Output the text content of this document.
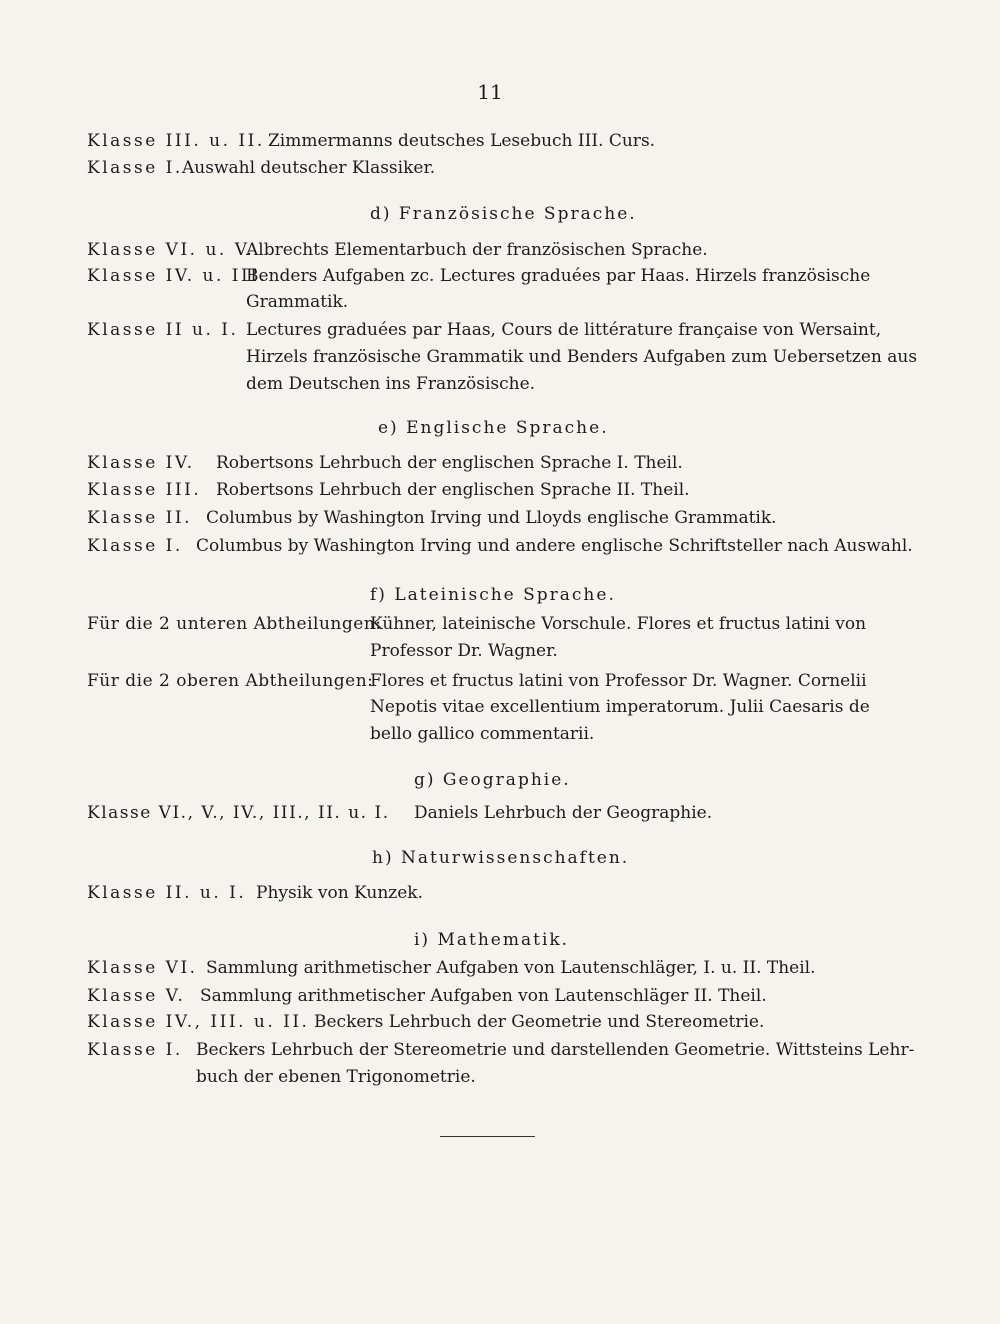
11
Klasse III. u. II. Zimmermanns deutsches Lesebuch III. Curs.
Klasse I. Auswahl deutscher Klassiker.
d) Französische Sprache.
Klasse VI. u. V.
Albrechts Elementarbuch der französischen Sprache.
Klasse IV. u. III.
Benders Aufgaben zc. Lectures graduées par Haas. Hirzels französische
Grammatik.
Klasse II u. I. Lectures graduées par Haas, Cours de littérature française von Wersaint,
Hirzels französische Grammatik und Benders Aufgaben zum Uebersetzen aus
dem Deutschen ins Französische.
e) Englische Sprache.
Klasse IV. Robertsons Lehrbuch der englischen Sprache I. Theil.
Klasse III. Robertsons Lehrbuch der englischen Sprache II. Theil.
Klasse II. Columbus by Washington Irving und Lloyds englische Grammatik.
Klasse I. Columbus by Washington Irving und andere englische Schriftsteller nach Auswahl.
f) Lateinische Sprache.
Für die 2 unteren Abtheilungen:
Kühner, lateinische Vorschule. Flores et fructus latini von
Professor Dr. Wagner.
Für die 2 oberen Abtheilungen:
Flores et fructus latini von Professor Dr. Wagner. Cornelii
Nepotis vitae excellentium imperatorum. Julii Caesaris de
bello gallico commentarii.
g) Geographie.
Klasse VI., V., IV., III., II. u. I. Daniels Lehrbuch der Geographie.
h) Naturwissenschaften.
Klasse II. u. I. Physik von Kunzek.
i) Mathematik.
Klasse VI. Sammlung arithmetischer Aufgaben von Lautenschläger, I. u. II. Theil.
Klasse V. Sammlung arithmetischer Aufgaben von Lautenschläger II. Theil.
Klasse IV., III. u. II. Beckers Lehrbuch der Geometrie und Stereometrie.
Klasse I. Beckers Lehrbuch der Stereometrie und darstellenden Geometrie. Wittsteins Lehr-
buch der ebenen Trigonometrie.
